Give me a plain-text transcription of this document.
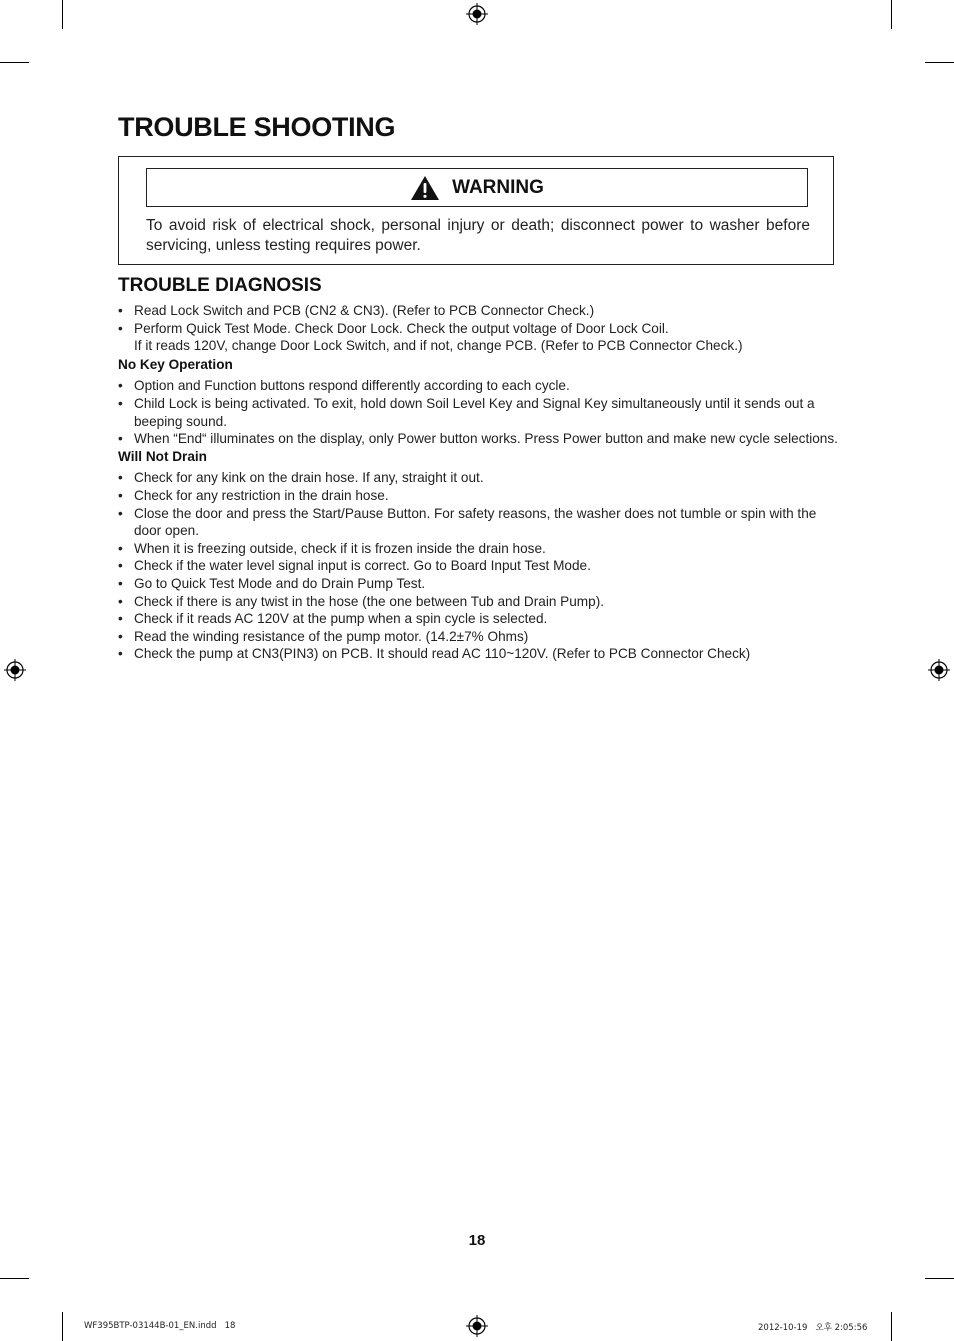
TROUBLE SHOOTING
WARNING

To avoid risk of electrical shock, personal injury or death; disconnect power to washer before servicing, unless testing requires power.

TROUBLE DIAGNOSIS
• Read Lock Switch and PCB (CN2 & CN3). (Refer to PCB Connector Check.)
• Perform Quick Test Mode. Check Door Lock. Check the output voltage of Door Lock Coil.
If it reads 120V, change Door Lock Switch, and if not, change PCB. (Refer to PCB Connector Check.)

No Key Operation

• Option and Function buttons respond differently according to each cycle.
• Child Lock is being activated. To exit, hold down Soil Level Key and Signal Key simultaneously until it sends out a beeping sound.
• When “End“ illuminates on the display, only Power button works. Press Power button and make new cycle selections.

Will Not Drain

• Check for any kink on the drain hose. If any, straight it out.
• Check for any restriction in the drain hose.
• Close the door and press the Start/Pause Button. For safety reasons, the washer does not tumble or spin with the door open.
• When it is freezing outside, check if it is frozen inside the drain hose.
• Check if the water level signal input is correct. Go to Board Input Test Mode.
• Go to Quick Test Mode and do Drain Pump Test.
• Check if there is any twist in the hose (the one between Tub and Drain Pump).
• Check if it reads AC 120V at the pump when a spin cycle is selected.
• Read the winding resistance of the pump motor. (14.2±7% Ohms)
• Check the pump at CN3(PIN3) on PCB. It should read AC 110~120V. (Refer to PCB Connector Check)
18
WF395BTP-03144B-01_EN.indd   18	2012-10-19   오후 2:05:56
